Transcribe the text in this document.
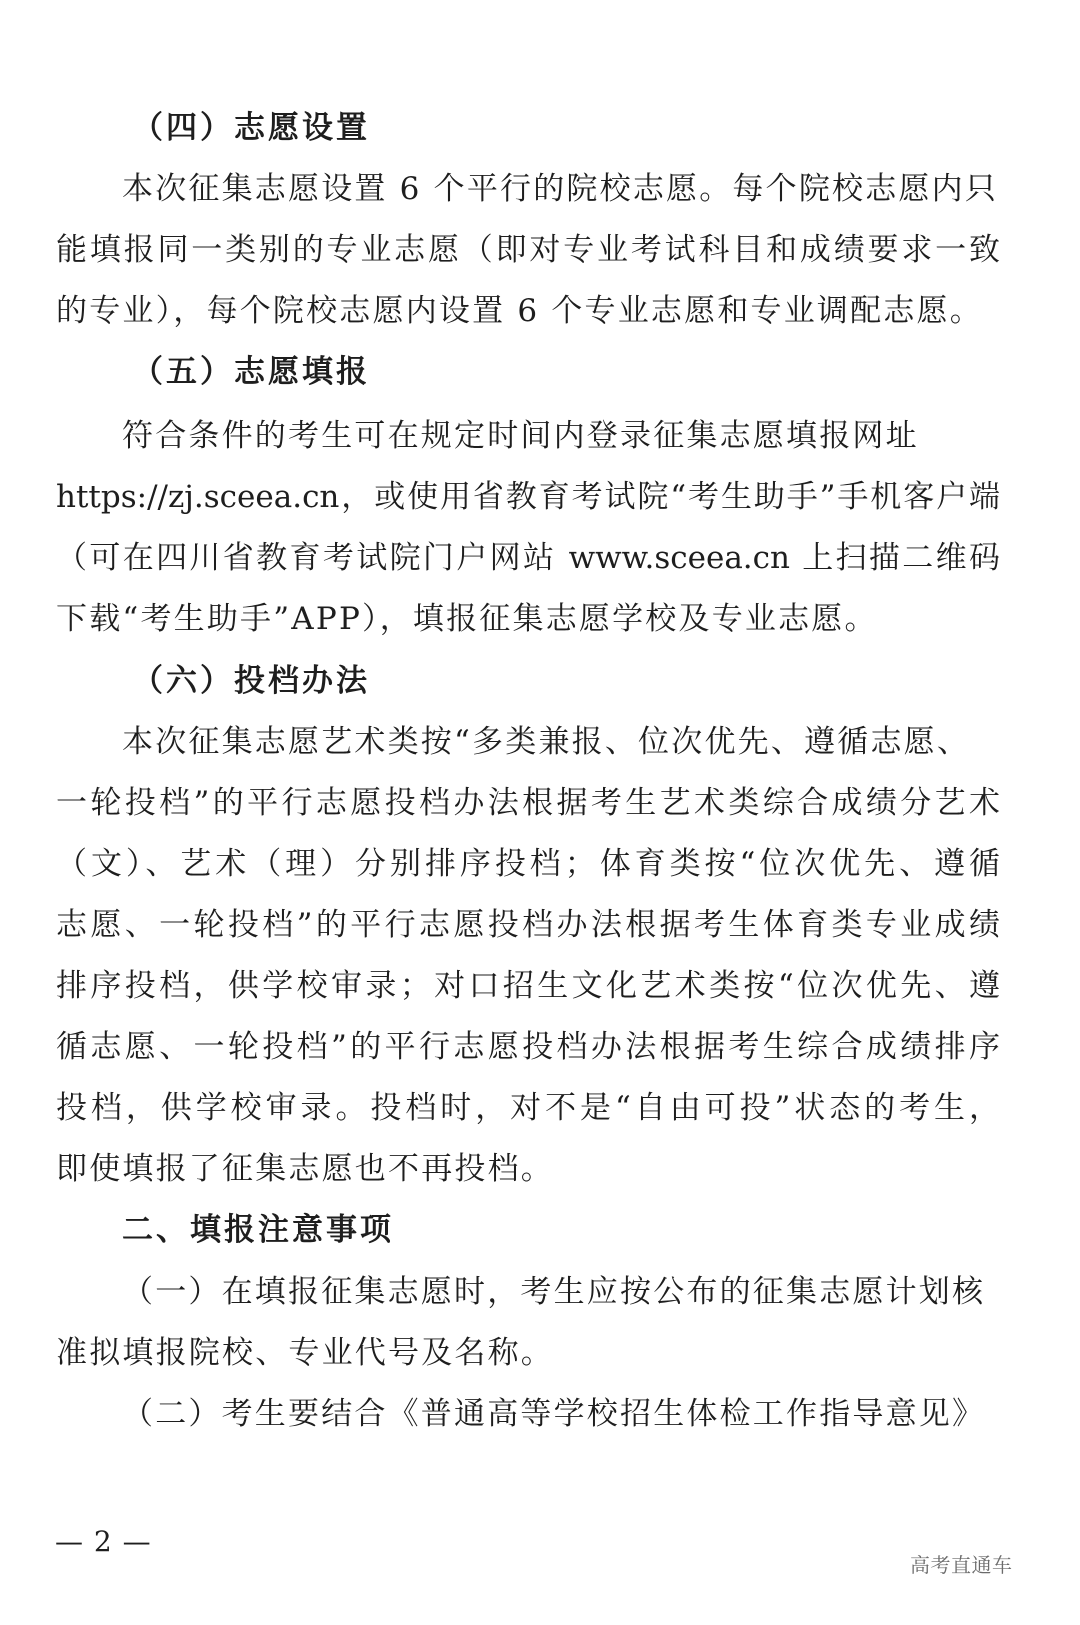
（四）志愿设置
本次征集志愿设置 6 个平行的院校志愿。每个院校志愿内只
能填报同一类别的专业志愿（即对专业考试科目和成绩要求一致
的专业），每个院校志愿内设置 6 个专业志愿和专业调配志愿。
（五）志愿填报
符合条件的考生可在规定时间内登录征集志愿填报网址
https://zj.sceea.cn，或使用省教育考试院“考生助手”手机客户端
（可在四川省教育考试院门户网站 www.sceea.cn 上扫描二维码
下载“考生助手”APP），填报征集志愿学校及专业志愿。
（六）投档办法
本次征集志愿艺术类按“多类兼报、位次优先、遵循志愿、
一轮投档”的平行志愿投档办法根据考生艺术类综合成绩分艺术
（文）、艺术（理）分别排序投档；体育类按“位次优先、遵循
志愿、一轮投档”的平行志愿投档办法根据考生体育类专业成绩
排序投档，供学校审录；对口招生文化艺术类按“位次优先、遵
循志愿、一轮投档”的平行志愿投档办法根据考生综合成绩排序
投档，供学校审录。投档时，对不是“自由可投”状态的考生，
即使填报了征集志愿也不再投档。
二、填报注意事项
（一）在填报征集志愿时，考生应按公布的征集志愿计划核
准拟填报院校、专业代号及名称。
（二）考生要结合《普通高等学校招生体检工作指导意见》
— 2 —
高考直通车
